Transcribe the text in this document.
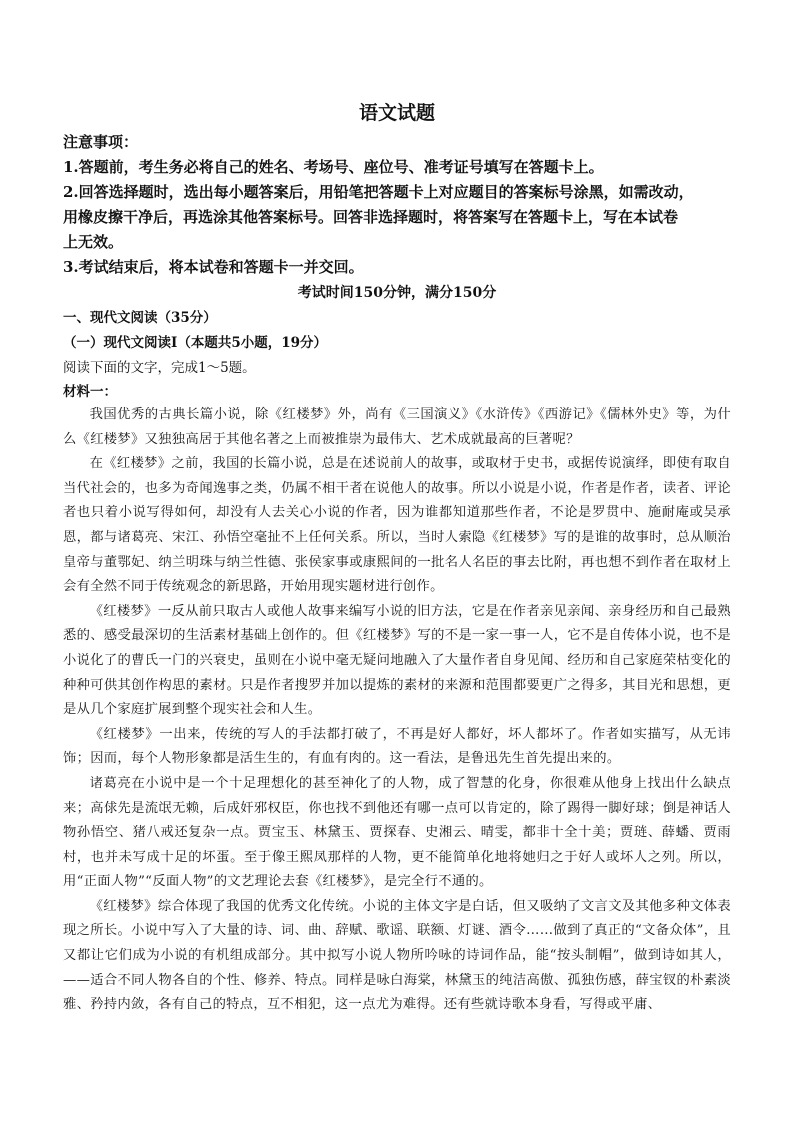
语文试题

注意事项：

1.答题前，考生务必将自己的姓名、考场号、座位号、准考证号填写在答题卡上。

2.回答选择题时，选出每小题答案后，用铅笔把答题卡上对应题目的答案标号涂黑，如需改动，

用橡皮擦干净后，再选涂其他答案标号。回答非选择题时，将答案写在答题卡上，写在本试卷

上无效。

3.考试结束后，将本试卷和答题卡一并交回。

考试时间150分钟，满分150分
一、现代文阅读（35分）
（一）现代文阅读Ⅰ（本题共5小题，19分）
阅读下面的文字，完成1～5题。
材料一：

我国优秀的古典长篇小说，除《红楼梦》外，尚有《三国演义》《水浒传》《西游记》《儒林外史》等，为什么《红楼梦》又独独高居于其他名著之上而被推崇为最伟大、艺术成就最高的巨著呢？

在《红楼梦》之前，我国的长篇小说，总是在述说前人的故事，或取材于史书，或据传说演绎，即使有取自当代社会的，也多为奇闻逸事之类，仍属不相干者在说他人的故事。所以小说是小说，作者是作者，读者、评论者也只着小说写得如何，却没有人去关心小说的作者，因为谁都知道那些作者，不论是罗贯中、施耐庵或吴承恩，都与诸葛亮、宋江、孙悟空毫扯不上任何关系。所以，当时人索隐《红楼梦》写的是谁的故事时，总从顺治皇帝与董鄂妃、纳兰明珠与纳兰性德、张侯家事或康熙间的一批名人名臣的事去比附，再也想不到作者在取材上会有全然不同于传统观念的新思路，开始用现实题材进行创作。

《红楼梦》一反从前只取古人或他人故事来编写小说的旧方法，它是在作者亲见亲闻、亲身经历和自己最熟悉的、感受最深切的生活素材基础上创作的。但《红楼梦》写的不是一家一事一人，它不是自传体小说，也不是小说化了的曹氏一门的兴衰史，虽则在小说中毫无疑问地融入了大量作者自身见闻、经历和自己家庭荣枯变化的种种可供其创作构思的素材。只是作者搜罗并加以提炼的素材的来源和范围都要更广之得多，其目光和思想，更是从几个家庭扩展到整个现实社会和人生。

《红楼梦》一出来，传统的写人的手法都打破了，不再是好人都好，坏人都坏了。作者如实描写，从无讳饰；因而，每个人物形象都是活生生的，有血有肉的。这一看法，是鲁迅先生首先提出来的。

诸葛亮在小说中是一个十足理想化的甚至神化了的人物，成了智慧的化身，你很难从他身上找出什么缺点来；高俅先是流氓无赖，后成奸邪权臣，你也找不到他还有哪一点可以肯定的，除了踢得一脚好球；倒是神话人物孙悟空、猪八戒还复杂一点。贾宝玉、林黛玉、贾探春、史湘云、晴雯，都非十全十美；贾琏、薛蟠、贾雨村，也并未写成十足的坏蛋。至于像王熙凤那样的人物，更不能简单化地将她归之于好人或坏人之列。所以，用“正面人物”“反面人物”的文艺理论去套《红楼梦》，是完全行不通的。

《红楼梦》综合体现了我国的优秀文化传统。小说的主体文字是白话，但又吸纳了文言文及其他多种文体表现之所长。小说中写入了大量的诗、词、曲、辞赋、歌谣、联额、灯谜、酒令……做到了真正的“文备众体”，且又都让它们成为小说的有机组成部分。其中拟写小说人物所吟咏的诗词作品，能“按头制帽”，做到诗如其人，——适合不同人物各自的个性、修养、特点。同样是咏白海棠，林黛玉的纯洁高傲、孤独伤感，薛宝钗的朴素淡雅、矜持内敛，各有自己的特点，互不相犯，这一点尤为难得。还有些就诗歌本身看，写得或平庸、
